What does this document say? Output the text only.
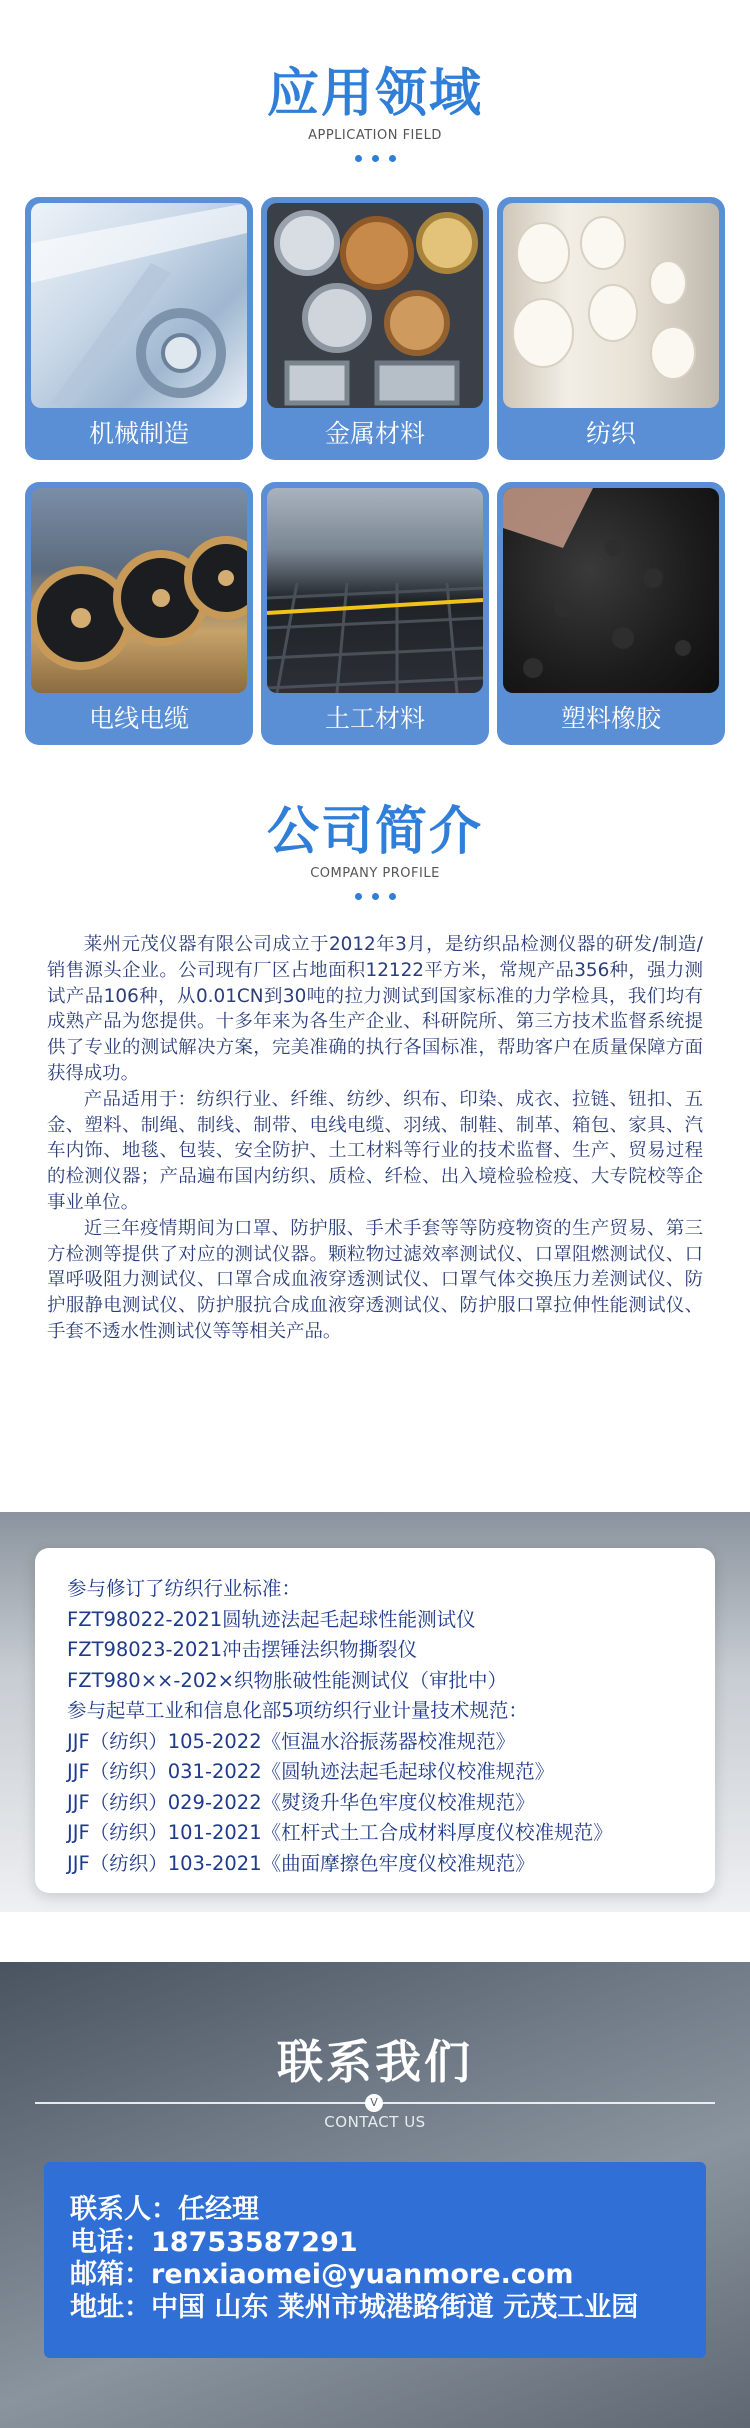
应用领域
APPLICATION FIELD
机械制造	金属材料	纺织
电线电缆	土工材料	塑料橡胶
公司简介
COMPANY PROFILE

莱州元茂仪器有限公司成立于2012年3月，是纺织品检测仪器的研发/制造/销售源头企业。公司现有厂区占地面积12122平方米，常规产品356种，强力测试产品106种，从0.01CN到30吨的拉力测试到国家标准的力学检具，我们均有成熟产品为您提供。十多年来为各生产企业、科研院所、第三方技术监督系统提供了专业的测试解决方案，完美准确的执行各国标准，帮助客户在质量保障方面获得成功。

产品适用于：纺织行业、纤维、纺纱、织布、印染、成衣、拉链、钮扣、五金、塑料、制绳、制线、制带、电线电缆、羽绒、制鞋、制革、箱包、家具、汽车内饰、地毯、包装、安全防护、土工材料等行业的技术监督、生产、贸易过程的检测仪器；产品遍布国内纺织、质检、纤检、出入境检验检疫、大专院校等企事业单位。

近三年疫情期间为口罩、防护服、手术手套等等防疫物资的生产贸易、第三方检测等提供了对应的测试仪器。颗粒物过滤效率测试仪、口罩阻燃测试仪、口罩呼吸阻力测试仪、口罩合成血液穿透测试仪、口罩气体交换压力差测试仪、防护服静电测试仪、防护服抗合成血液穿透测试仪、防护服口罩拉伸性能测试仪、手套不透水性测试仪等等相关产品。

参与修订了纺织行业标准：
FZT98022-2021圆轨迹法起毛起球性能测试仪
FZT98023-2021冲击摆锤法织物撕裂仪
FZT980××-202×织物胀破性能测试仪（审批中）
参与起草工业和信息化部5项纺织行业计量技术规范：
JJF（纺织）105-2022《恒温水浴振荡器校准规范》
JJF（纺织）031-2022《圆轨迹法起毛起球仪校准规范》
JJF（纺织）029-2022《熨烫升华色牢度仪校准规范》
JJF（纺织）101-2021《杠杆式土工合成材料厚度仪校准规范》
JJF（纺织）103-2021《曲面摩擦色牢度仪校准规范》
联系我们
V
CONTACT US
联系人：任经理
电话：18753587291
邮箱：renxiaomei@yuanmore.com
地址：中国 山东 莱州市城港路街道 元茂工业园
